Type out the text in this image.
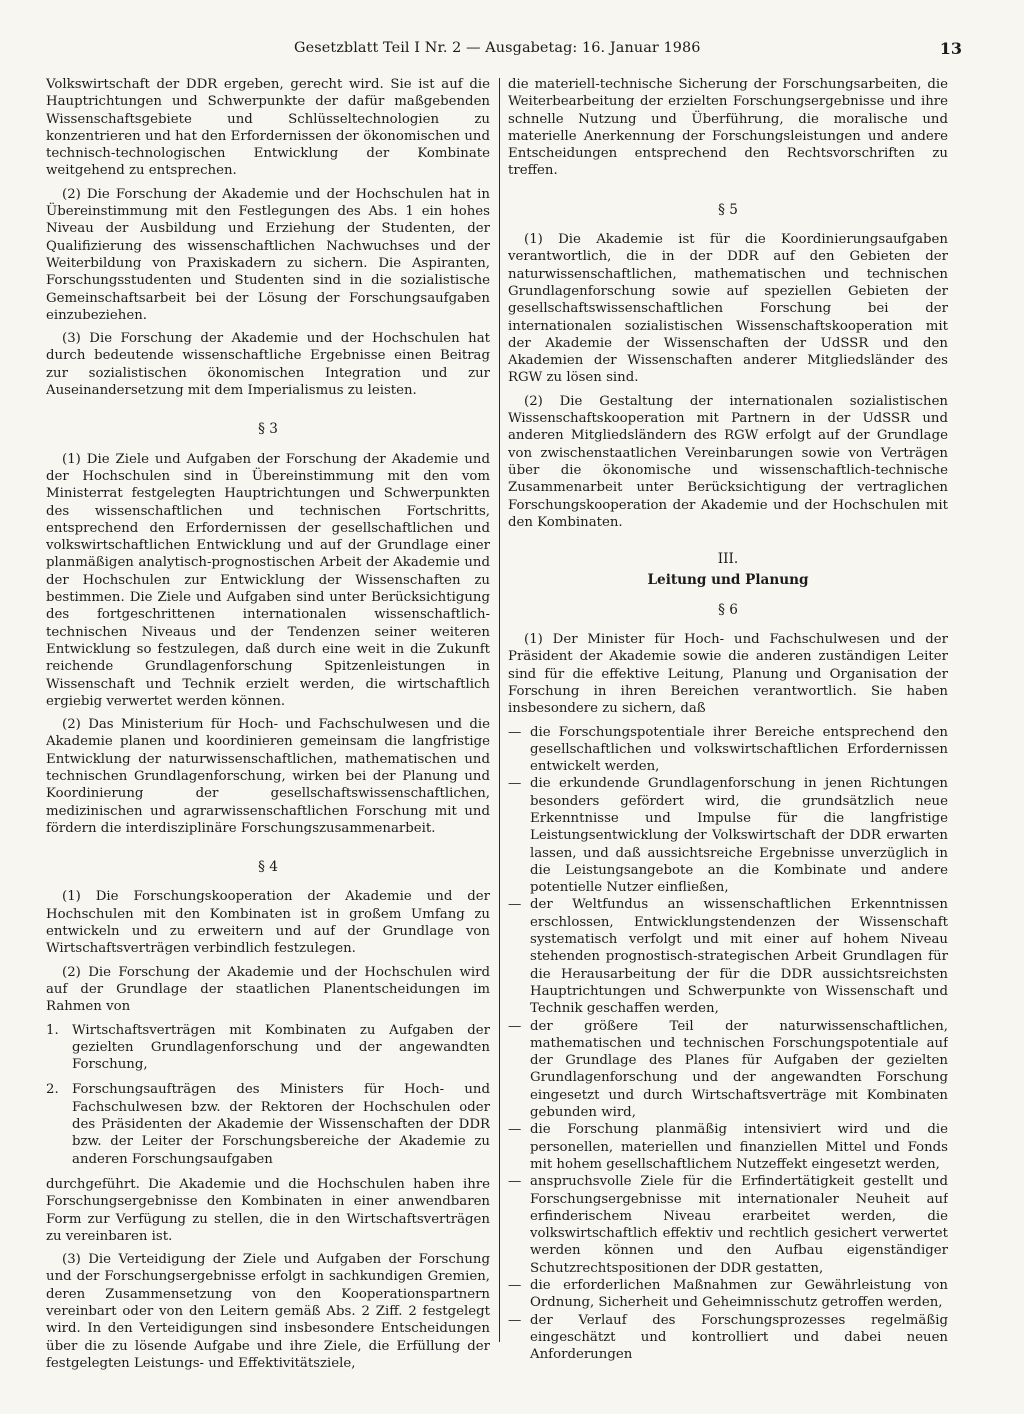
Gesetzblatt Teil I Nr. 2 — Ausgabetag: 16. Januar 1986	13

Volkswirtschaft der DDR ergeben, gerecht wird. Sie ist auf die Hauptrichtungen und Schwerpunkte der dafür maßgebenden Wissenschaftsgebiete und Schlüsseltechnologien zu konzentrieren und hat den Erfordernissen der ökonomischen und technisch-technologischen Entwicklung der Kombinate weitgehend zu entsprechen.

(2) Die Forschung der Akademie und der Hochschulen hat in Übereinstimmung mit den Festlegungen des Abs. 1 ein hohes Niveau der Ausbildung und Erziehung der Studenten, der Qualifizierung des wissenschaftlichen Nachwuchses und der Weiterbildung von Praxiskadern zu sichern. Die Aspiranten, Forschungsstudenten und Studenten sind in die sozialistische Gemeinschaftsarbeit bei der Lösung der Forschungsaufgaben einzubeziehen.

(3) Die Forschung der Akademie und der Hochschulen hat durch bedeutende wissenschaftliche Ergebnisse einen Beitrag zur sozialistischen ökonomischen Integration und zur Auseinandersetzung mit dem Imperialismus zu leisten.

§ 3

(1) Die Ziele und Aufgaben der Forschung der Akademie und der Hochschulen sind in Übereinstimmung mit den vom Ministerrat festgelegten Hauptrichtungen und Schwerpunkten des wissenschaftlichen und technischen Fortschritts, entsprechend den Erfordernissen der gesellschaftlichen und volkswirtschaftlichen Entwicklung und auf der Grundlage einer planmäßigen analytisch-prognostischen Arbeit der Akademie und der Hochschulen zur Entwicklung der Wissenschaften zu bestimmen. Die Ziele und Aufgaben sind unter Berücksichtigung des fortgeschrittenen internationalen wissenschaftlich-technischen Niveaus und der Tendenzen seiner weiteren Entwicklung so festzulegen, daß durch eine weit in die Zukunft reichende Grundlagenforschung Spitzenleistungen in Wissenschaft und Technik erzielt werden, die wirtschaftlich ergiebig verwertet werden können.

(2) Das Ministerium für Hoch- und Fachschulwesen und die Akademie planen und koordinieren gemeinsam die langfristige Entwicklung der naturwissenschaftlichen, mathematischen und technischen Grundlagenforschung, wirken bei der Planung und Koordinierung der gesellschaftswissenschaftlichen, medizinischen und agrarwissenschaftlichen Forschung mit und fördern die interdisziplinäre Forschungszusammenarbeit.

§ 4

(1) Die Forschungskooperation der Akademie und der Hochschulen mit den Kombinaten ist in großem Umfang zu entwickeln und zu erweitern und auf der Grundlage von Wirtschaftsverträgen verbindlich festzulegen.

(2) Die Forschung der Akademie und der Hochschulen wird auf der Grundlage der staatlichen Planentscheidungen im Rahmen von

1.	Wirtschaftsverträgen mit Kombinaten zu Aufgaben der gezielten Grundlagenforschung und der angewandten Forschung,
2.	Forschungsaufträgen des Ministers für Hoch- und Fachschulwesen bzw. der Rektoren der Hochschulen oder des Präsidenten der Akademie der Wissenschaften der DDR bzw. der Leiter der Forschungsbereiche der Akademie zu anderen Forschungsaufgaben

durchgeführt. Die Akademie und die Hochschulen haben ihre Forschungsergebnisse den Kombinaten in einer anwendbaren Form zur Verfügung zu stellen, die in den Wirtschaftsverträgen zu vereinbaren ist.

(3) Die Verteidigung der Ziele und Aufgaben der Forschung und der Forschungsergebnisse erfolgt in sachkundigen Gremien, deren Zusammensetzung von den Kooperationspartnern vereinbart oder von den Leitern gemäß Abs. 2 Ziff. 2 festgelegt wird. In den Verteidigungen sind insbesondere Entscheidungen über die zu lösende Aufgabe und ihre Ziele, die Erfüllung der festgelegten Leistungs- und Effektivitätsziele,

die materiell-technische Sicherung der Forschungsarbeiten, die Weiterbearbeitung der erzielten Forschungsergebnisse und ihre schnelle Nutzung und Überführung, die moralische und materielle Anerkennung der Forschungsleistungen und andere Entscheidungen entsprechend den Rechtsvorschriften zu treffen.

§ 5

(1) Die Akademie ist für die Koordinierungsaufgaben verantwortlich, die in der DDR auf den Gebieten der naturwissenschaftlichen, mathematischen und technischen Grundlagenforschung sowie auf speziellen Gebieten der gesellschaftswissenschaftlichen Forschung bei der internationalen sozialistischen Wissenschaftskooperation mit der Akademie der Wissenschaften der UdSSR und den Akademien der Wissenschaften anderer Mitgliedsländer des RGW zu lösen sind.

(2) Die Gestaltung der internationalen sozialistischen Wissenschaftskooperation mit Partnern in der UdSSR und anderen Mitgliedsländern des RGW erfolgt auf der Grundlage von zwischenstaatlichen Vereinbarungen sowie von Verträgen über die ökonomische und wissenschaftlich-technische Zusammenarbeit unter Berücksichtigung der vertraglichen Forschungskooperation der Akademie und der Hochschulen mit den Kombinaten.

III.
Leitung und Planung
§ 6

(1) Der Minister für Hoch- und Fachschulwesen und der Präsident der Akademie sowie die anderen zuständigen Leiter sind für die effektive Leitung, Planung und Organisation der Forschung in ihren Bereichen verantwortlich. Sie haben insbesondere zu sichern, daß

— die Forschungspotentiale ihrer Bereiche entsprechend den gesellschaftlichen und volkswirtschaftlichen Erfordernissen entwickelt werden,
— die erkundende Grundlagenforschung in jenen Richtungen besonders gefördert wird, die grundsätzlich neue Erkenntnisse und Impulse für die langfristige Leistungsentwicklung der Volkswirtschaft der DDR erwarten lassen, und daß aussichtsreiche Ergebnisse unverzüglich in die Leistungsangebote an die Kombinate und andere potentielle Nutzer einfließen,
— der Weltfundus an wissenschaftlichen Erkenntnissen erschlossen, Entwicklungstendenzen der Wissenschaft systematisch verfolgt und mit einer auf hohem Niveau stehenden prognostisch-strategischen Arbeit Grundlagen für die Herausarbeitung der für die DDR aussichtsreichsten Hauptrichtungen und Schwerpunkte von Wissenschaft und Technik geschaffen werden,
— der größere Teil der naturwissenschaftlichen, mathematischen und technischen Forschungspotentiale auf der Grundlage des Planes für Aufgaben der gezielten Grundlagenforschung und der angewandten Forschung eingesetzt und durch Wirtschaftsverträge mit Kombinaten gebunden wird,
— die Forschung planmäßig intensiviert wird und die personellen, materiellen und finanziellen Mittel und Fonds mit hohem gesellschaftlichem Nutzeffekt eingesetzt werden,
— anspruchsvolle Ziele für die Erfindertätigkeit gestellt und Forschungsergebnisse mit internationaler Neuheit auf erfinderischem Niveau erarbeitet werden, die volkswirtschaftlich effektiv und rechtlich gesichert verwertet werden können und den Aufbau eigenständiger Schutzrechtspositionen der DDR gestatten,
— die erforderlichen Maßnahmen zur Gewährleistung von Ordnung, Sicherheit und Geheimnisschutz getroffen werden,
— der Verlauf des Forschungsprozesses regelmäßig eingeschätzt und kontrolliert und dabei neuen Anforderungen
